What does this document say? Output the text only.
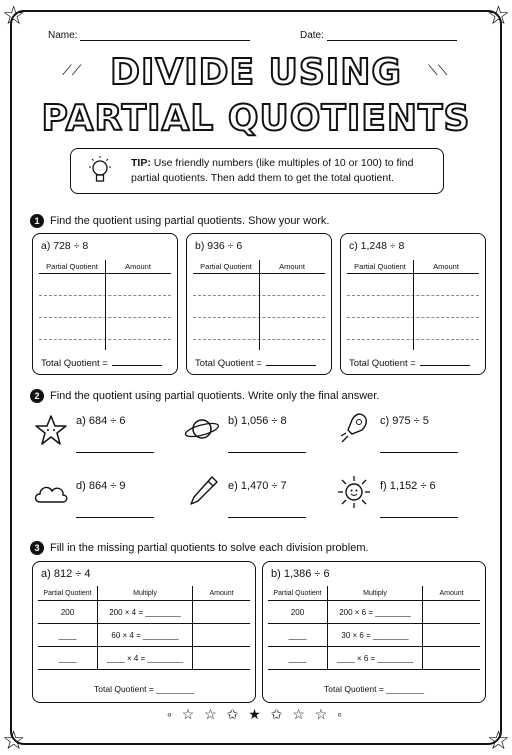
☆	☆
☆	☆
Name:	Date:
DIVIDE USING
PARTIAL QUOTIENTS
⟋⟋	⟍⟍
TIP: Use friendly numbers (like multiples of 10 or 100) to find partial quotients. Then add them to get the total quotient.
1 Find the quotient using partial quotients. Show your work.
a) 728 ÷ 8
Partial Quotient	Amount
Total Quotient =
b) 936 ÷ 6
Partial Quotient	Amount
Total Quotient =
c) 1,248 ÷ 8
Partial Quotient	Amount
Total Quotient =
2 Find the quotient using partial quotients. Write only the final answer.
a) 684 ÷ 6	b) 1,056 ÷ 8	c) 975 ÷ 5
d) 864 ÷ 9	e) 1,470 ÷ 7	f) 1,152 ÷ 6
3 Fill in the missing partial quotients to solve each division problem.
a) 812 ÷ 4
Partial Quotient	Multiply	Amount
200	200 × 4 = ________
____	60 × 4 = ________
____	____ × 4 = ________
Total Quotient = ________
b) 1,386 ÷ 6
Partial Quotient	Multiply	Amount
200	200 × 6 = ________
____	30 × 6 = ________
____	____ × 6 = ________
Total Quotient = ________
◦ ☆ ☆ ✩ ★ ✩ ☆ ☆ ◦
